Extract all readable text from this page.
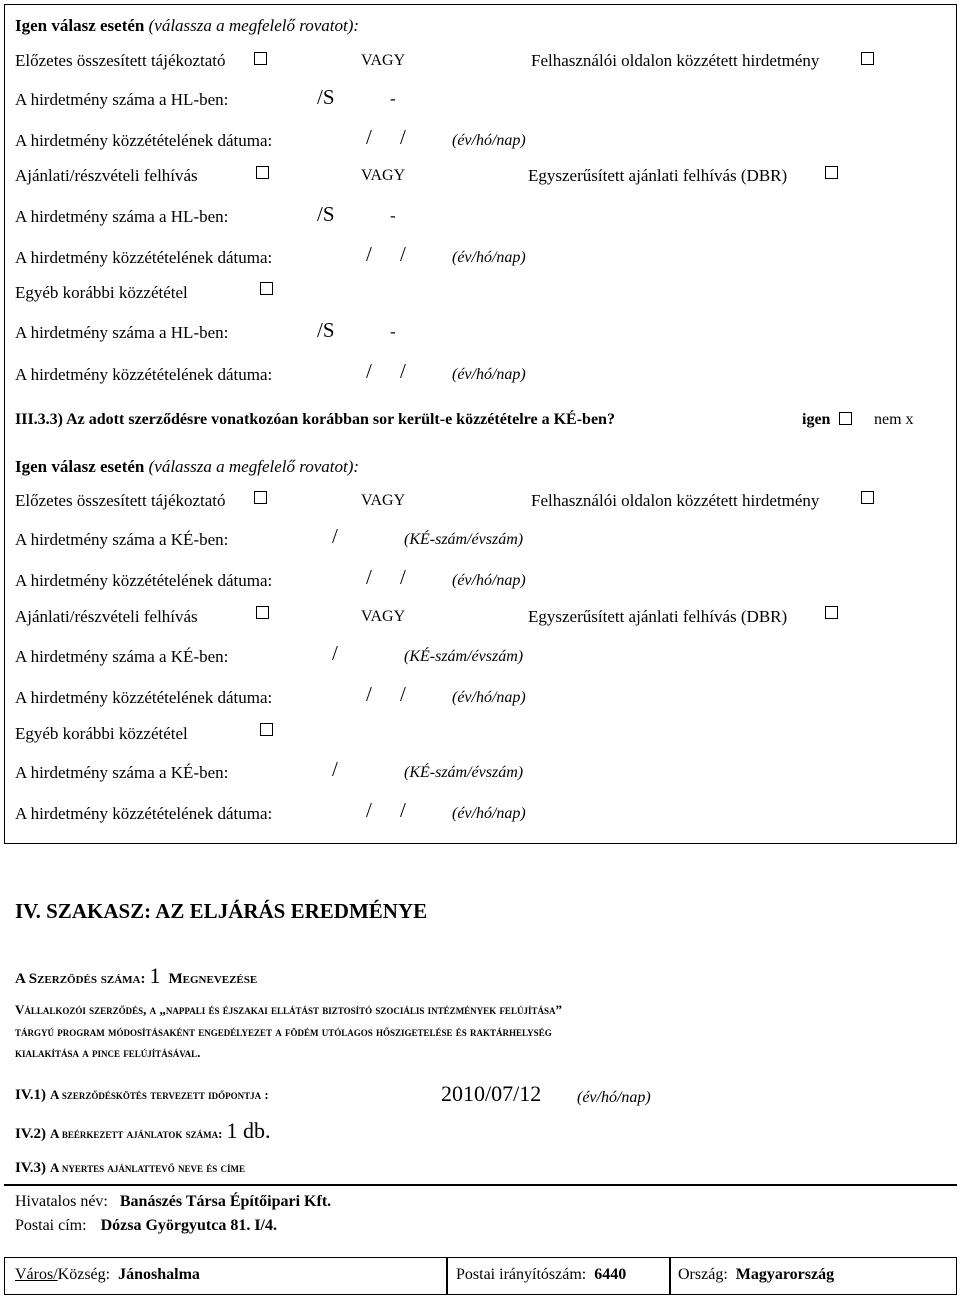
Igen válasz esetén (válassza a megfelelő rovatot):
Előzetes összesített tájékoztató	VAGY	Felhasználói oldalon közzétett hirdetmény
A hirdetmény száma a HL-ben:	/S	-
A hirdetmény közzétételének dátuma:	/ /	(év/hó/nap)
Ajánlati/részvételi felhívás	VAGY	Egyszerűsített ajánlati felhívás (DBR)
A hirdetmény száma a HL-ben:	/S	-
A hirdetmény közzétételének dátuma:	/ /	(év/hó/nap)
Egyéb korábbi közzététel
A hirdetmény száma a HL-ben:	/S	-
A hirdetmény közzétételének dátuma:	/ /	(év/hó/nap)
III.3.3) Az adott szerződésre vonatkozóan korábban sor került-e közzétételre a KÉ-ben?	igen	nem x
Igen válasz esetén (válassza a megfelelő rovatot):
Előzetes összesített tájékoztató	VAGY	Felhasználói oldalon közzétett hirdetmény
A hirdetmény száma a KÉ-ben:	/	(KÉ-szám/évszám)
A hirdetmény közzétételének dátuma:	/ /	(év/hó/nap)
Ajánlati/részvételi felhívás	VAGY	Egyszerűsített ajánlati felhívás (DBR)
A hirdetmény száma a KÉ-ben:	/	(KÉ-szám/évszám)
A hirdetmény közzétételének dátuma:	/ /	(év/hó/nap)
Egyéb korábbi közzététel
A hirdetmény száma a KÉ-ben:	/	(KÉ-szám/évszám)
A hirdetmény közzétételének dátuma:	/ /	(év/hó/nap)
IV. SZAKASZ: AZ ELJÁRÁS EREDMÉNYE
A Szerződés száma: 1 Megnevezése
Vállalkozói szerződés, a „nappali és éjszakai ellátást biztosító szociális intézmények felújítása”
tárgyú program módosításaként engedélyezet a födém utólagos hőszigetelése és raktárhelység
kialakítása a pince felújításával.
IV.1) A szerződéskötés tervezett időpontja :	2010/07/12 (év/hó/nap)
IV.2) A beérkezett ajánlatok száma: 1 db.
IV.3) A nyertes ajánlattevő neve és címe
Hivatalos név: Banászés Társa Építőipari Kft.
Postai cím: Dózsa Györgyutca 81. I/4.
Város/Község: Jánoshalma	Postai irányítószám: 6440	Ország: Magyarország
